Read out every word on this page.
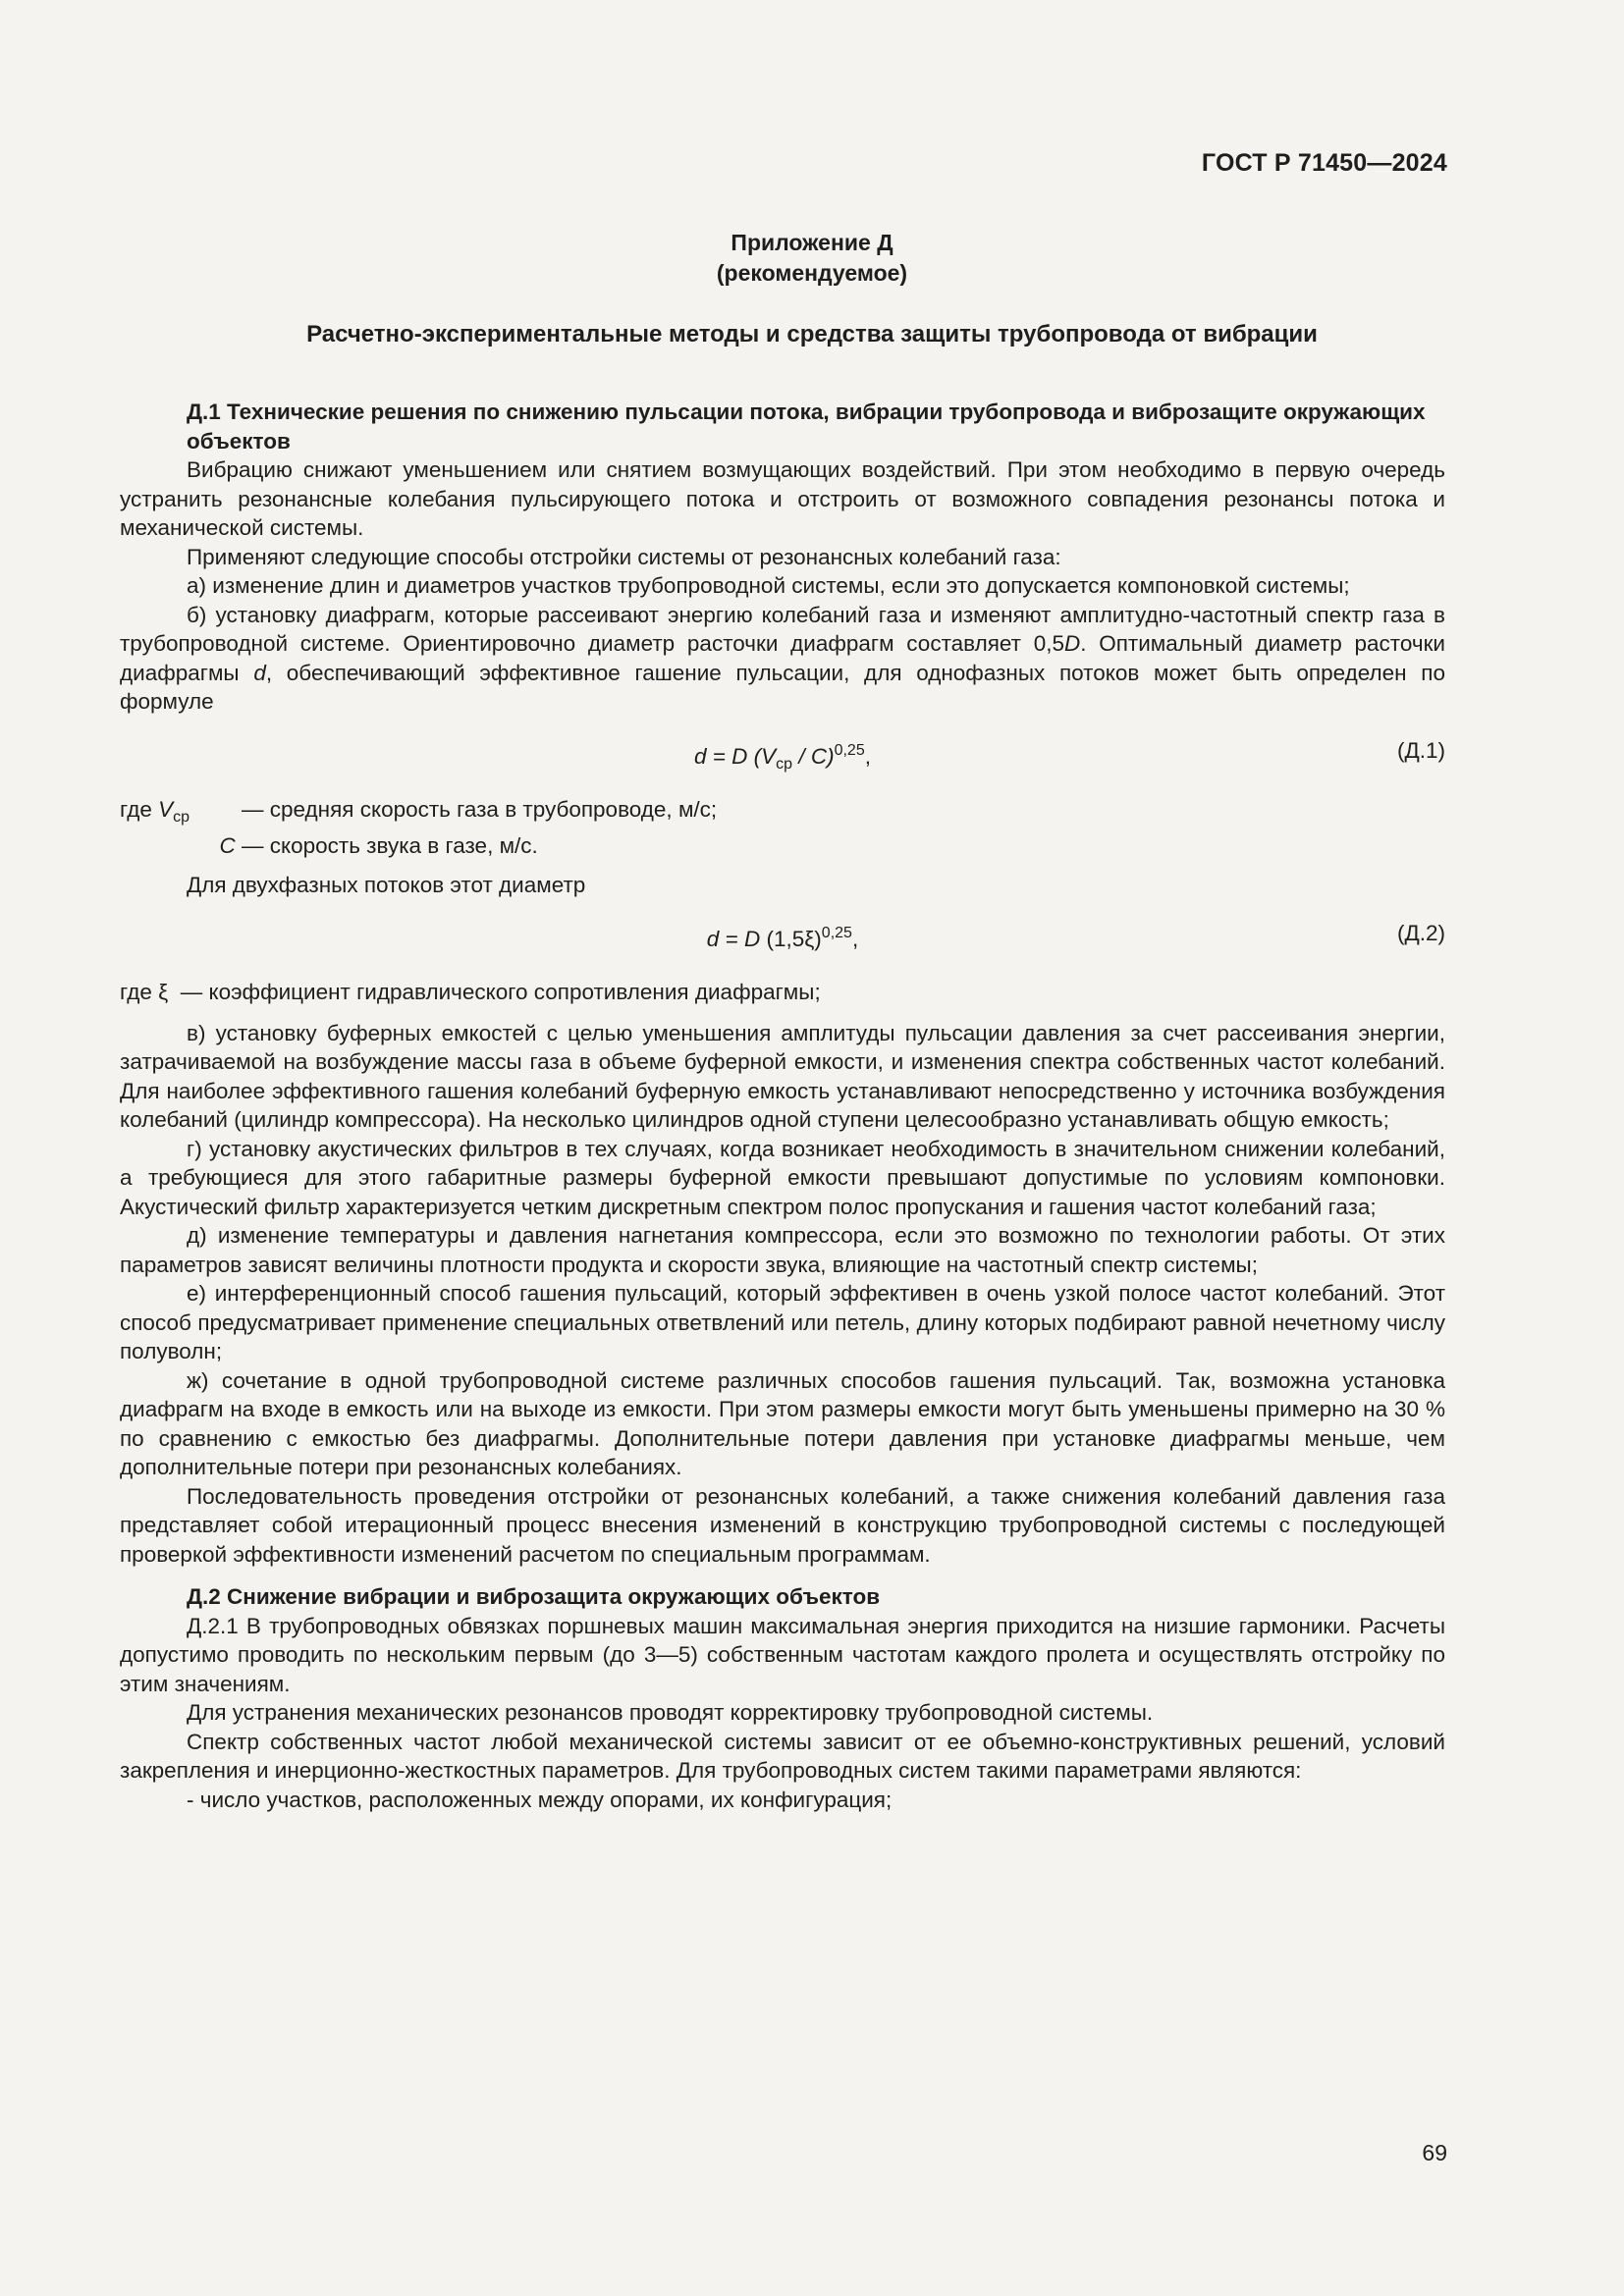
ГОСТ Р 71450—2024
Приложение Д
(рекомендуемое)
Расчетно-экспериментальные методы и средства защиты трубопровода от вибрации
Д.1 Технические решения по снижению пульсации потока, вибрации трубопровода и виброзащите окружающих объектов
Вибрацию снижают уменьшением или снятием возмущающих воздействий. При этом необходимо в первую очередь устранить резонансные колебания пульсирующего потока и отстроить от возможного совпадения резонансы потока и механической системы.
Применяют следующие способы отстройки системы от резонансных колебаний газа:
а) изменение длин и диаметров участков трубопроводной системы, если это допускается компоновкой системы;
б) установку диафрагм, которые рассеивают энергию колебаний газа и изменяют амплитудно-частотный спектр газа в трубопроводной системе. Ориентировочно диаметр расточки диафрагм составляет 0,5D. Оптимальный диаметр расточки диафрагмы d, обеспечивающий эффективное гашение пульсации, для однофазных потоков может быть определен по формуле
d = D $(V_{ср} / C)^{0,25}$,	(Д.1)
где $V_{ср}$	— средняя скорость газа в трубопроводе, м/с;
C — скорость звука в газе, м/с.
Для двухфазных потоков этот диаметр
d = D $(1,5\xi)^{0,25}$,	(Д.2)
где ξ — коэффициент гидравлического сопротивления диафрагмы;
в) установку буферных емкостей с целью уменьшения амплитуды пульсации давления за счет рассеивания энергии, затрачиваемой на возбуждение массы газа в объеме буферной емкости, и изменения спектра собственных частот колебаний. Для наиболее эффективного гашения колебаний буферную емкость устанавливают непосредственно у источника возбуждения колебаний (цилиндр компрессора). На несколько цилиндров одной ступени целесообразно устанавливать общую емкость;
г) установку акустических фильтров в тех случаях, когда возникает необходимость в значительном снижении колебаний, а требующиеся для этого габаритные размеры буферной емкости превышают допустимые по условиям компоновки. Акустический фильтр характеризуется четким дискретным спектром полос пропускания и гашения частот колебаний газа;
д) изменение температуры и давления нагнетания компрессора, если это возможно по технологии работы. От этих параметров зависят величины плотности продукта и скорости звука, влияющие на частотный спектр системы;
е) интерференционный способ гашения пульсаций, который эффективен в очень узкой полосе частот колебаний. Этот способ предусматривает применение специальных ответвлений или петель, длину которых подбирают равной нечетному числу полуволн;
ж) сочетание в одной трубопроводной системе различных способов гашения пульсаций. Так, возможна установка диафрагм на входе в емкость или на выходе из емкости. При этом размеры емкости могут быть уменьшены примерно на 30 % по сравнению с емкостью без диафрагмы. Дополнительные потери давления при установке диафрагмы меньше, чем дополнительные потери при резонансных колебаниях.
Последовательность проведения отстройки от резонансных колебаний, а также снижения колебаний давления газа представляет собой итерационный процесс внесения изменений в конструкцию трубопроводной системы с последующей проверкой эффективности изменений расчетом по специальным программам.
Д.2 Снижение вибрации и виброзащита окружающих объектов
Д.2.1 В трубопроводных обвязках поршневых машин максимальная энергия приходится на низшие гармоники. Расчеты допустимо проводить по нескольким первым (до 3—5) собственным частотам каждого пролета и осуществлять отстройку по этим значениям.
Для устранения механических резонансов проводят корректировку трубопроводной системы.
Спектр собственных частот любой механической системы зависит от ее объемно-конструктивных решений, условий закрепления и инерционно-жесткостных параметров. Для трубопроводных систем такими параметрами являются:
- число участков, расположенных между опорами, их конфигурация;
69
